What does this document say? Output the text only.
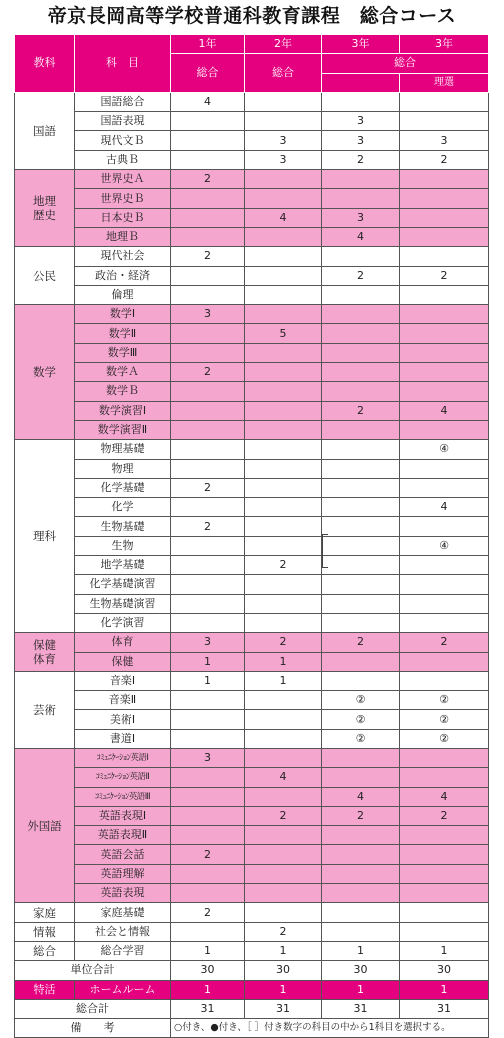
帝京長岡高等学校普通科教育課程　総合コース
教科	科　目	1年	2年	3年	3年
		総合	総合	総合	
					理選
国語	国語総合	4			
	国語表現			3	
	現代文Ｂ		3	3	3
	古典Ｂ		3	2	2
地理
歴史	世界史Ａ	2			
	世界史Ｂ				
	日本史Ｂ		4	3	
	地理Ｂ			4	
公民	現代社会	2			
	政治・経済			2	2
	倫理				
数学	数学Ⅰ	3			
	数学Ⅱ		5		
	数学Ⅲ				
	数学Ａ	2			
	数学Ｂ				
	数学演習Ⅰ			2	4
	数学演習Ⅱ				
理科	物理基礎				④
	物理				
	化学基礎	2			
	化学				4
	生物基礎	2			
	生物				④
	地学基礎		2		
	化学基礎演習				
	生物基礎演習				
	化学演習				
保健
体育	体育	3	2	2	2
	保健	1	1		
芸術	音楽Ⅰ	1	1		
	音楽Ⅱ			②	②
	美術Ⅰ			②	②
	書道Ⅰ			②	②
外国語	ｺﾐｭﾆｹｰｼｮﾝ英語Ⅰ	3			
	ｺﾐｭﾆｹｰｼｮﾝ英語Ⅱ		4		
	ｺﾐｭﾆｹｰｼｮﾝ英語Ⅲ			4	4
	英語表現Ⅰ		2	2	2
	英語表現Ⅱ				
	英語会話	2			
	英語理解				
	英語表現				
家庭	家庭基礎	2			
情報	社会と情報		2		
総合	総合学習	1	1	1	1
単位合計		30	30	30	30
特活	ホームルーム	1	1	1	1
総合計		31	31	31	31
備　　考		○付き、●付き、［ ］付き数字の科目の中から1科目を選択する。			
